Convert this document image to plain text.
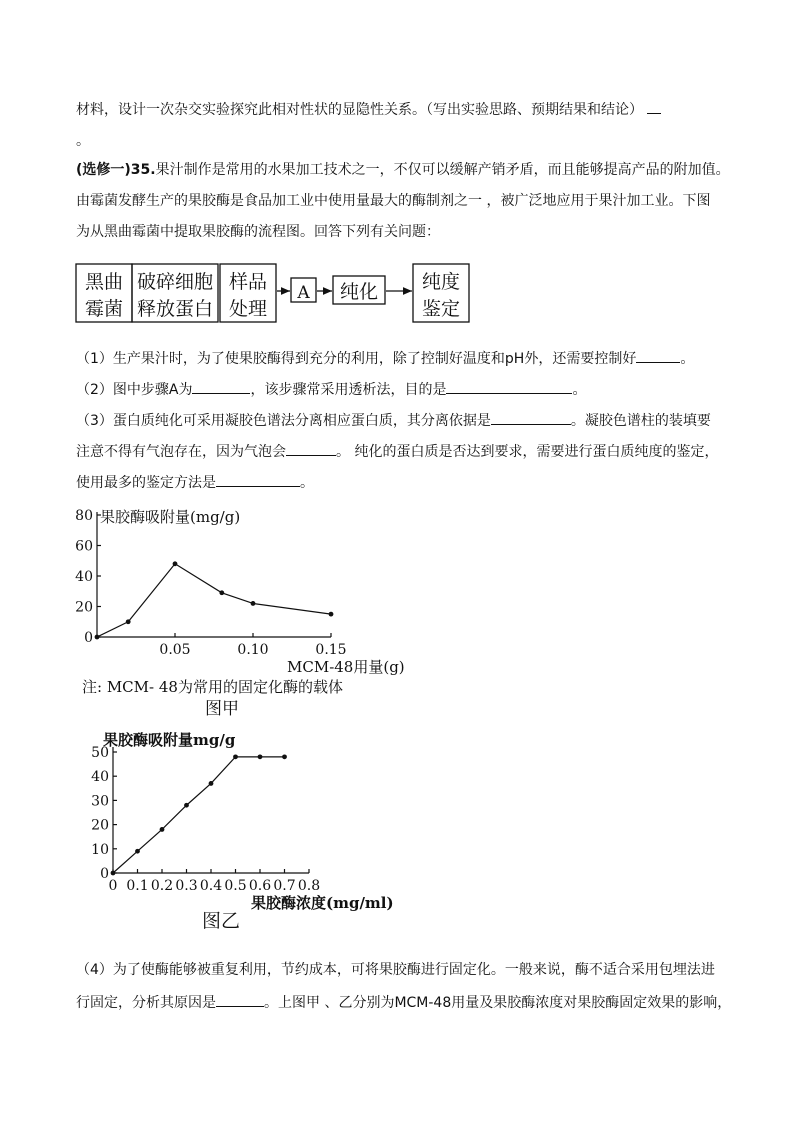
材料，设计一次杂交实验探究此相对性状的显隐性关系。（写出实验思路、预期结果和结论）
。
(选修一)35.果汁制作是常用的水果加工技术之一，不仅可以缓解产销矛盾，而且能够提高产品的附加值。
由霉菌发酵生产的果胶酶是食品加工业中使用量最大的酶制剂之一 ，被广泛地应用于果汁加工业。下图
为从黑曲霉菌中提取果胶酶的流程图。回答下列有关问题：
黑曲
霉菌
破碎细胞
释放蛋白
样品
处理
A 纯化 纯度
鉴定
（1）生产果汁时，为了使果胶酶得到充分的利用，除了控制好温度和pH外，还需要控制好	。
（2）图中步骤A为	，该步骤常采用透析法，目的是	。
（3）蛋白质纯化可采用凝胶色谱法分离相应蛋白质，其分离依据是	。凝胶色谱柱的装填要
注意不得有气泡存在，因为气泡会	。 纯化的蛋白质是否达到要求，需要进行蛋白质纯度的鉴定，
使用最多的鉴定方法是	。
0
20
40
60
80
0.05	0.10	0.15
果胶酶吸附量(mg/g)
MCM-48用量(g)
注: MCM- 48为常用的固定化酶的载体
图甲
0
10
20
30
40
50
0 0.1 0.2 0.3 0.4 0.5 0.6 0.7 0.8
果胶酶吸附量mg/g
果胶酶浓度(mg/ml)
图乙
（4）为了使酶能够被重复利用，节约成本，可将果胶酶进行固定化。一般来说，酶不适合采用包埋法进
行固定，分析其原因是	。上图甲 、乙分别为MCM-48用量及果胶酶浓度对果胶酶固定效果的影响，
